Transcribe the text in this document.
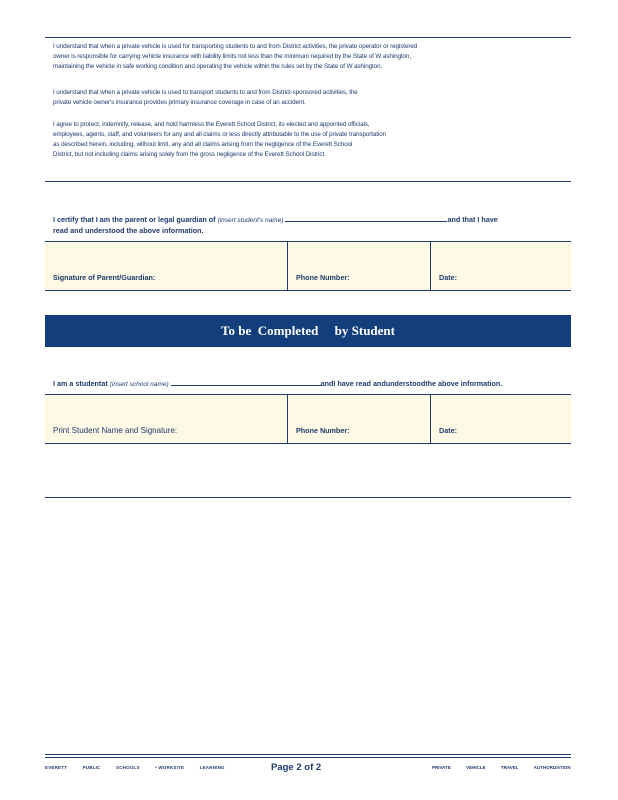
I understand that when a private vehicle is used for transporting students to and from District activities, the private operator or registered

owner is responsible for carrying vehicle insurance with liability limits not less than the minimum required by the State of W ashington,

maintaining the vehicle in safe working condition and operating the vehicle within the rules set by the State of W ashington.

I understand that when a private vehicle is used to transport students to and from District-sponsored activities, the

private vehicle owner's insurance provides primary insurance coverage in case of an accident.

I agree to protect, indemnify, release, and hold harmless the Everett School District, its elected and appointed officials,

employees, agents, staff, and volunteers for any and all claims or less directly attributable to the use of private transportation

as described herein, including, without limit, any and all claims arising from the negligence of the Everett School

District, but not including claims arising solely from the gross negligence of the Everett School District.

I certify that I am the parent or legal guardian of (insert student's name)	and that I have
read and understood the above information.
Signature of Parent/Guardian:	Phone Number:	Date:
To be  Completed     by Student
I am a studentat (insert school name)	andI have read andunderstoodthe above information.
Print Student Name and Signature:	Phone Number:	Date:
EVERETT	PUBLIC	SCHOOLS	• WORKSITE	LEARNING	Page 2 of 2	PRIVATE	VEHICLE	TRAVEL	AUTHORIZATION
